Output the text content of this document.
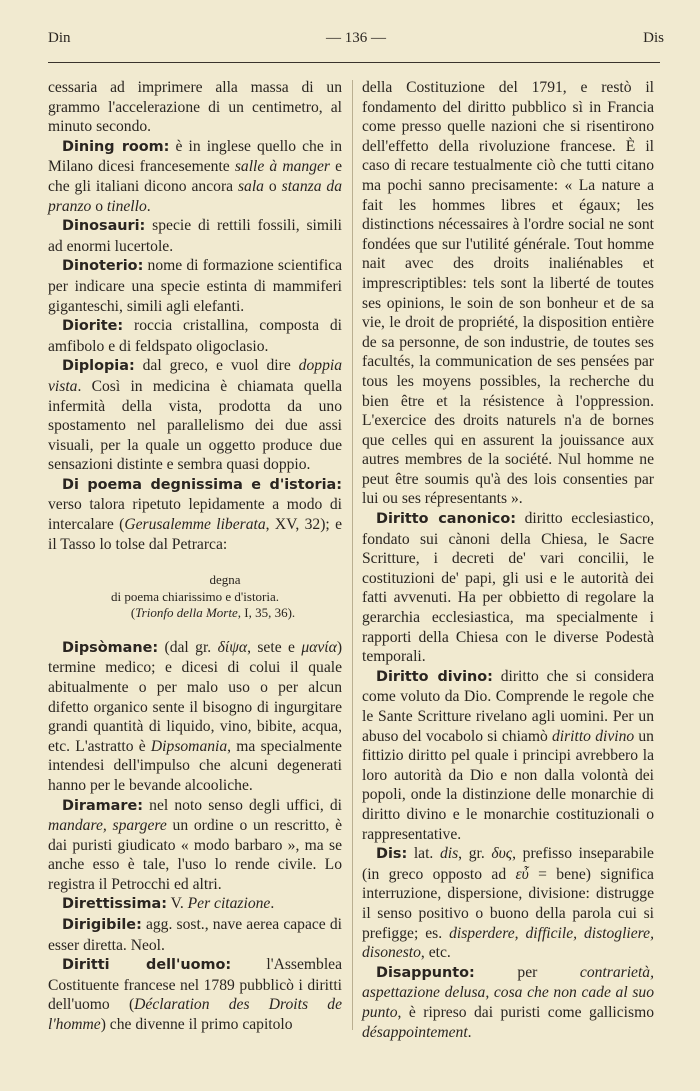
Din	— 136 —	Dis

cessaria ad imprimere alla massa di un grammo l'accelerazione di un centimetro, al minuto secondo.

Dining room: è in inglese quello che in Milano dicesi francesemente salle à manger e che gli italiani dicono ancora sala o stanza da pranzo o tinello.

Dinosauri: specie di rettili fossili, simili ad enormi lucertole.

Dinoterio: nome di formazione scientifica per indicare una specie estinta di mammiferi giganteschi, simili agli elefanti.

Diorite: roccia cristallina, composta di amfibolo e di feldspato oligoclasio.

Diplopia: dal greco, e vuol dire doppia vista. Così in medicina è chiamata quella infermità della vista, prodotta da uno spostamento nel parallelismo dei due assi visuali, per la quale un oggetto produce due sensazioni distinte e sembra quasi doppio.

Di poema degnissima e d'istoria: verso talora ripetuto lepidamente a modo di intercalare (Gerusalemme liberata, XV, 32); e il Tasso lo tolse dal Petrarca:

degna
di poema chiarissimo e d'istoria.
(Trionfo della Morte, I, 35, 36).

Dipsòmane: (dal gr. δίψα, sete e μανία) termine medico; e dicesi di colui il quale abitualmente o per malo uso o per alcun difetto organico sente il bisogno di ingurgitare grandi quantità di liquido, vino, bibite, acqua, etc. L'astratto è Dipsomania, ma specialmente intendesi dell'impulso che alcuni degenerati hanno per le bevande alcooliche.

Diramare: nel noto senso degli uffici, di mandare, spargere un ordine o un rescritto, è dai puristi giudicato « modo barbaro », ma se anche esso è tale, l'uso lo rende civile. Lo registra il Petrocchi ed altri.

Direttissima: V. Per citazione.

Dirigibile: agg. sost., nave aerea capace di esser diretta. Neol.

Diritti dell'uomo: l'Assemblea Costituente francese nel 1789 pubblicò i diritti dell'uomo (Déclaration des Droits de l'homme) che divenne il primo capitolo

della Costituzione del 1791, e restò il fondamento del diritto pubblico sì in Francia come presso quelle nazioni che si risentirono dell'effetto della rivoluzione francese. È il caso di recare testualmente ciò che tutti citano ma pochi sanno precisamente: « La nature a fait les hommes libres et égaux; les distinctions nécessaires à l'ordre social ne sont fondées que sur l'utilité générale. Tout homme nait avec des droits inaliénables et imprescriptibles: tels sont la liberté de toutes ses opinions, le soin de son bonheur et de sa vie, le droit de propriété, la disposition entière de sa personne, de son industrie, de toutes ses facultés, la communication de ses pensées par tous les moyens possibles, la recherche du bien être et la résistence à l'oppression. L'exercice des droits naturels n'a de bornes que celles qui en assurent la jouissance aux autres membres de la société. Nul homme ne peut être soumis qu'à des lois consenties par lui ou ses répresentants ».

Diritto canonico: diritto ecclesiastico, fondato sui cànoni della Chiesa, le Sacre Scritture, i decreti de' vari concilii, le costituzioni de' papi, gli usi e le autorità dei fatti avvenuti. Ha per obbietto di regolare la gerarchia ecclesiastica, ma specialmente i rapporti della Chiesa con le diverse Podestà temporali.

Diritto divino: diritto che si considera come voluto da Dio. Comprende le regole che le Sante Scritture rivelano agli uomini. Per un abuso del vocabolo si chiamò diritto divino un fittizio diritto pel quale i principi avrebbero la loro autorità da Dio e non dalla volontà dei popoli, onde la distinzione delle monarchie di diritto divino e le monarchie costituzionali o rappresentative.

Dis: lat. dis, gr. δυς, prefisso inseparabile (in greco opposto ad εὖ = bene) significa interruzione, dispersione, divisione: distrugge il senso positivo o buono della parola cui si prefigge; es. disperdere, difficile, distogliere, disonesto, etc.

Disappunto: per contrarietà, aspettazione delusa, cosa che non cade al suo punto, è ripreso dai puristi come gallicismo désappointement.
